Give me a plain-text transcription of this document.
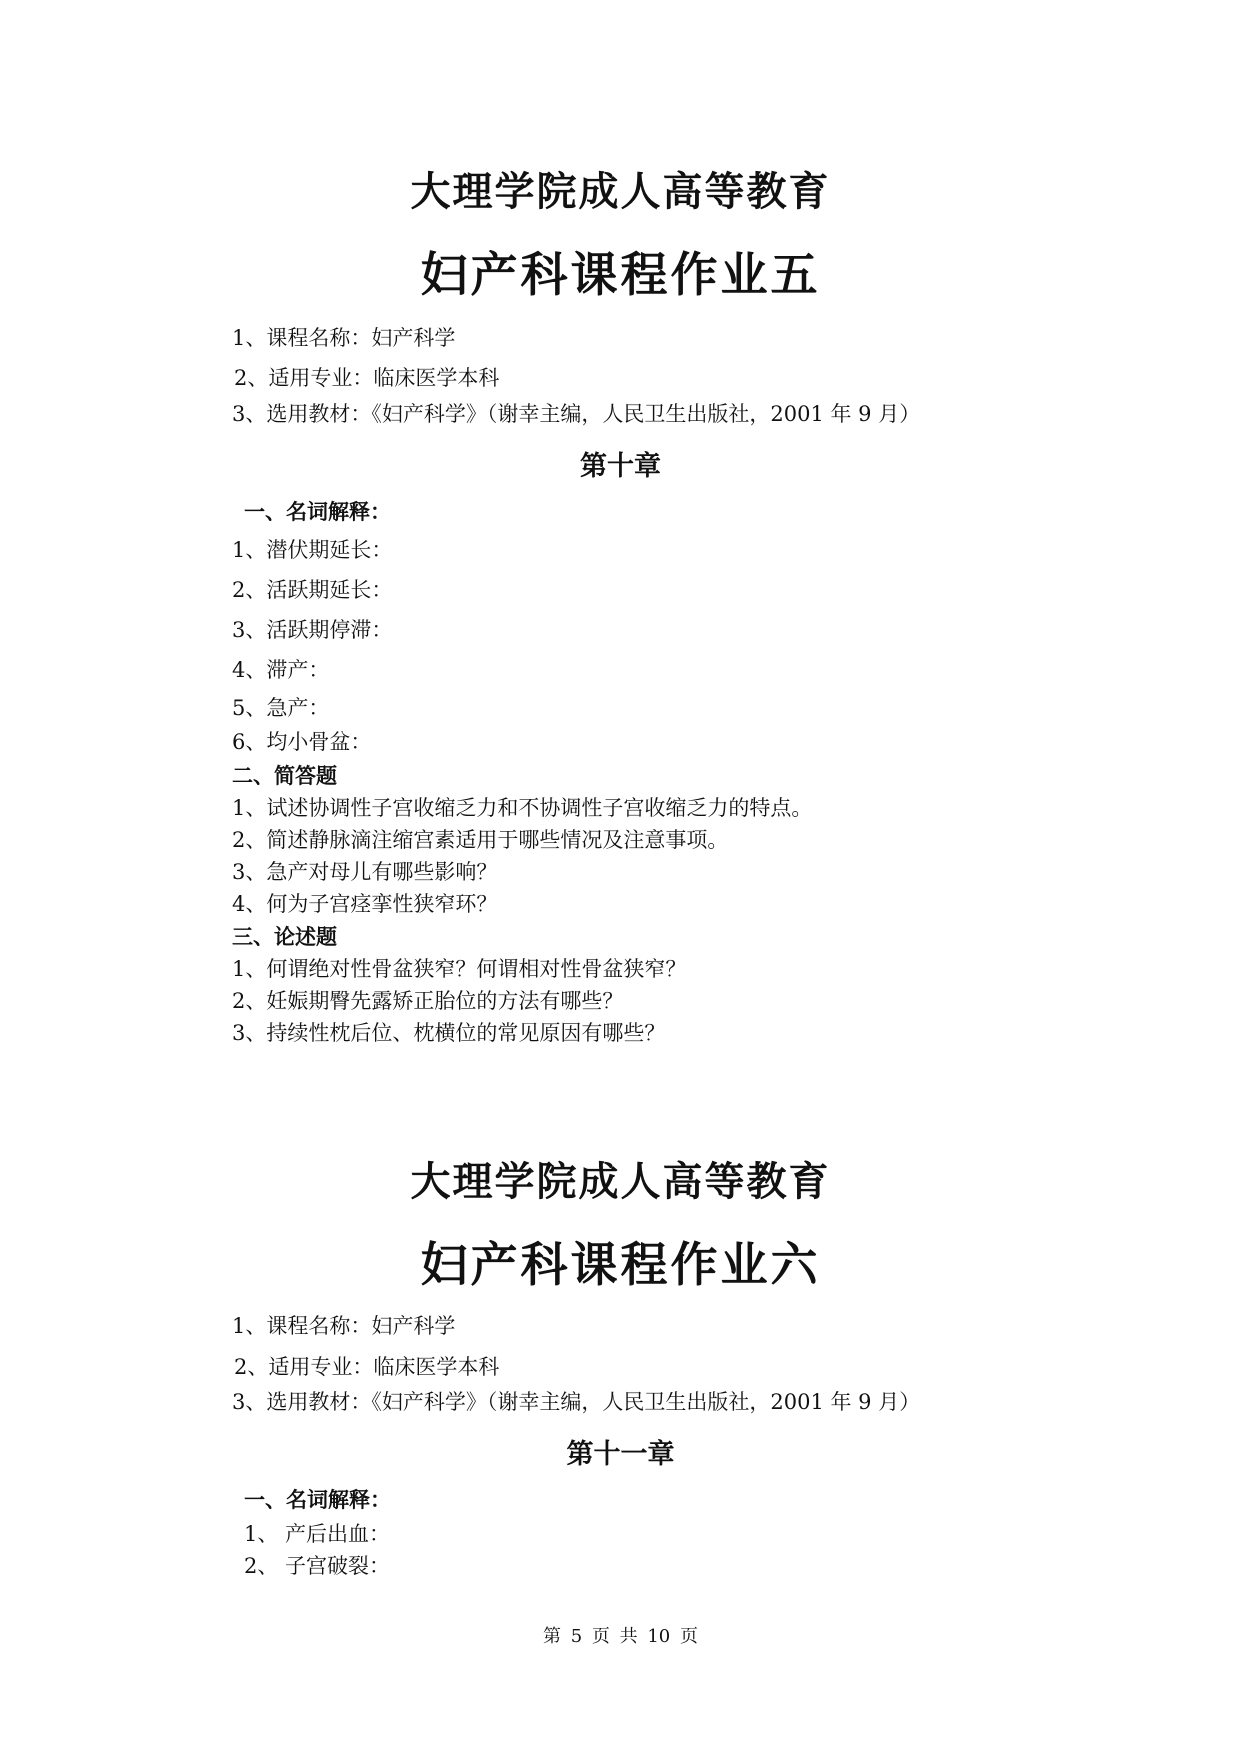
大理学院成人高等教育
妇产科课程作业五
1、课程名称：妇产科学
2、适用专业：临床医学本科
3、选用教材：《妇产科学》（谢幸主编，人民卫生出版社，2001 年 9 月）
第十章
一、名词解释：
1、潜伏期延长：
2、活跃期延长：
3、活跃期停滞：
4、滞产：
5、急产：
6、均小骨盆：
二、简答题
1、试述协调性子宫收缩乏力和不协调性子宫收缩乏力的特点。
2、简述静脉滴注缩宫素适用于哪些情况及注意事项。
3、急产对母儿有哪些影响？
4、何为子宫痉挛性狭窄环？
三、论述题
1、何谓绝对性骨盆狭窄？何谓相对性骨盆狭窄？
2、妊娠期臀先露矫正胎位的方法有哪些？
3、持续性枕后位、枕横位的常见原因有哪些？
大理学院成人高等教育
妇产科课程作业六
1、课程名称：妇产科学
2、适用专业：临床医学本科
3、选用教材：《妇产科学》（谢幸主编，人民卫生出版社，2001 年 9 月）
第十一章
一、名词解释：
1、 产后出血：
2、 子宫破裂：
第 5 页 共 10 页
